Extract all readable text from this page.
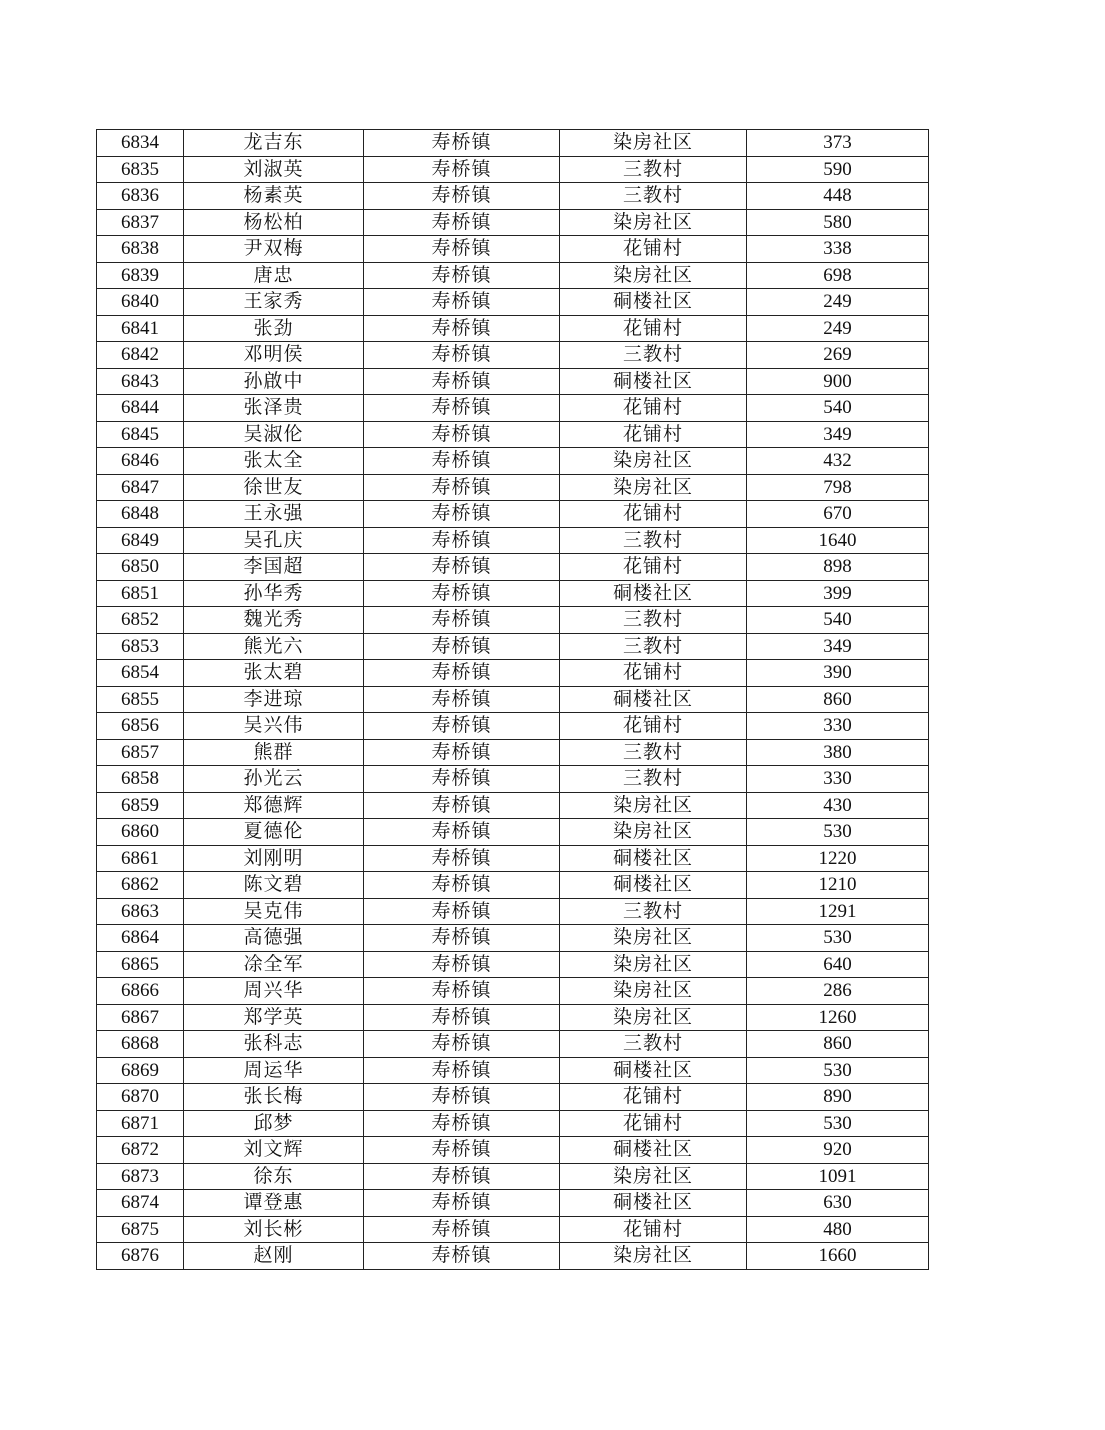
6834	龙吉东	寿桥镇	染房社区	373
6835	刘淑英	寿桥镇	三教村	590
6836	杨素英	寿桥镇	三教村	448
6837	杨松柏	寿桥镇	染房社区	580
6838	尹双梅	寿桥镇	花铺村	338
6839	唐忠	寿桥镇	染房社区	698
6840	王家秀	寿桥镇	硐楼社区	249
6841	张劲	寿桥镇	花铺村	249
6842	邓明侯	寿桥镇	三教村	269
6843	孙啟中	寿桥镇	硐楼社区	900
6844	张泽贵	寿桥镇	花铺村	540
6845	吴淑伦	寿桥镇	花铺村	349
6846	张太全	寿桥镇	染房社区	432
6847	徐世友	寿桥镇	染房社区	798
6848	王永强	寿桥镇	花铺村	670
6849	吴孔庆	寿桥镇	三教村	1640
6850	李国超	寿桥镇	花铺村	898
6851	孙华秀	寿桥镇	硐楼社区	399
6852	魏光秀	寿桥镇	三教村	540
6853	熊光六	寿桥镇	三教村	349
6854	张太碧	寿桥镇	花铺村	390
6855	李进琼	寿桥镇	硐楼社区	860
6856	吴兴伟	寿桥镇	花铺村	330
6857	熊群	寿桥镇	三教村	380
6858	孙光云	寿桥镇	三教村	330
6859	郑德辉	寿桥镇	染房社区	430
6860	夏德伦	寿桥镇	染房社区	530
6861	刘刚明	寿桥镇	硐楼社区	1220
6862	陈文碧	寿桥镇	硐楼社区	1210
6863	吴克伟	寿桥镇	三教村	1291
6864	高德强	寿桥镇	染房社区	530
6865	凃全军	寿桥镇	染房社区	640
6866	周兴华	寿桥镇	染房社区	286
6867	郑学英	寿桥镇	染房社区	1260
6868	张科志	寿桥镇	三教村	860
6869	周运华	寿桥镇	硐楼社区	530
6870	张长梅	寿桥镇	花铺村	890
6871	邱梦	寿桥镇	花铺村	530
6872	刘文辉	寿桥镇	硐楼社区	920
6873	徐东	寿桥镇	染房社区	1091
6874	谭登惠	寿桥镇	硐楼社区	630
6875	刘长彬	寿桥镇	花铺村	480
6876	赵刚	寿桥镇	染房社区	1660
